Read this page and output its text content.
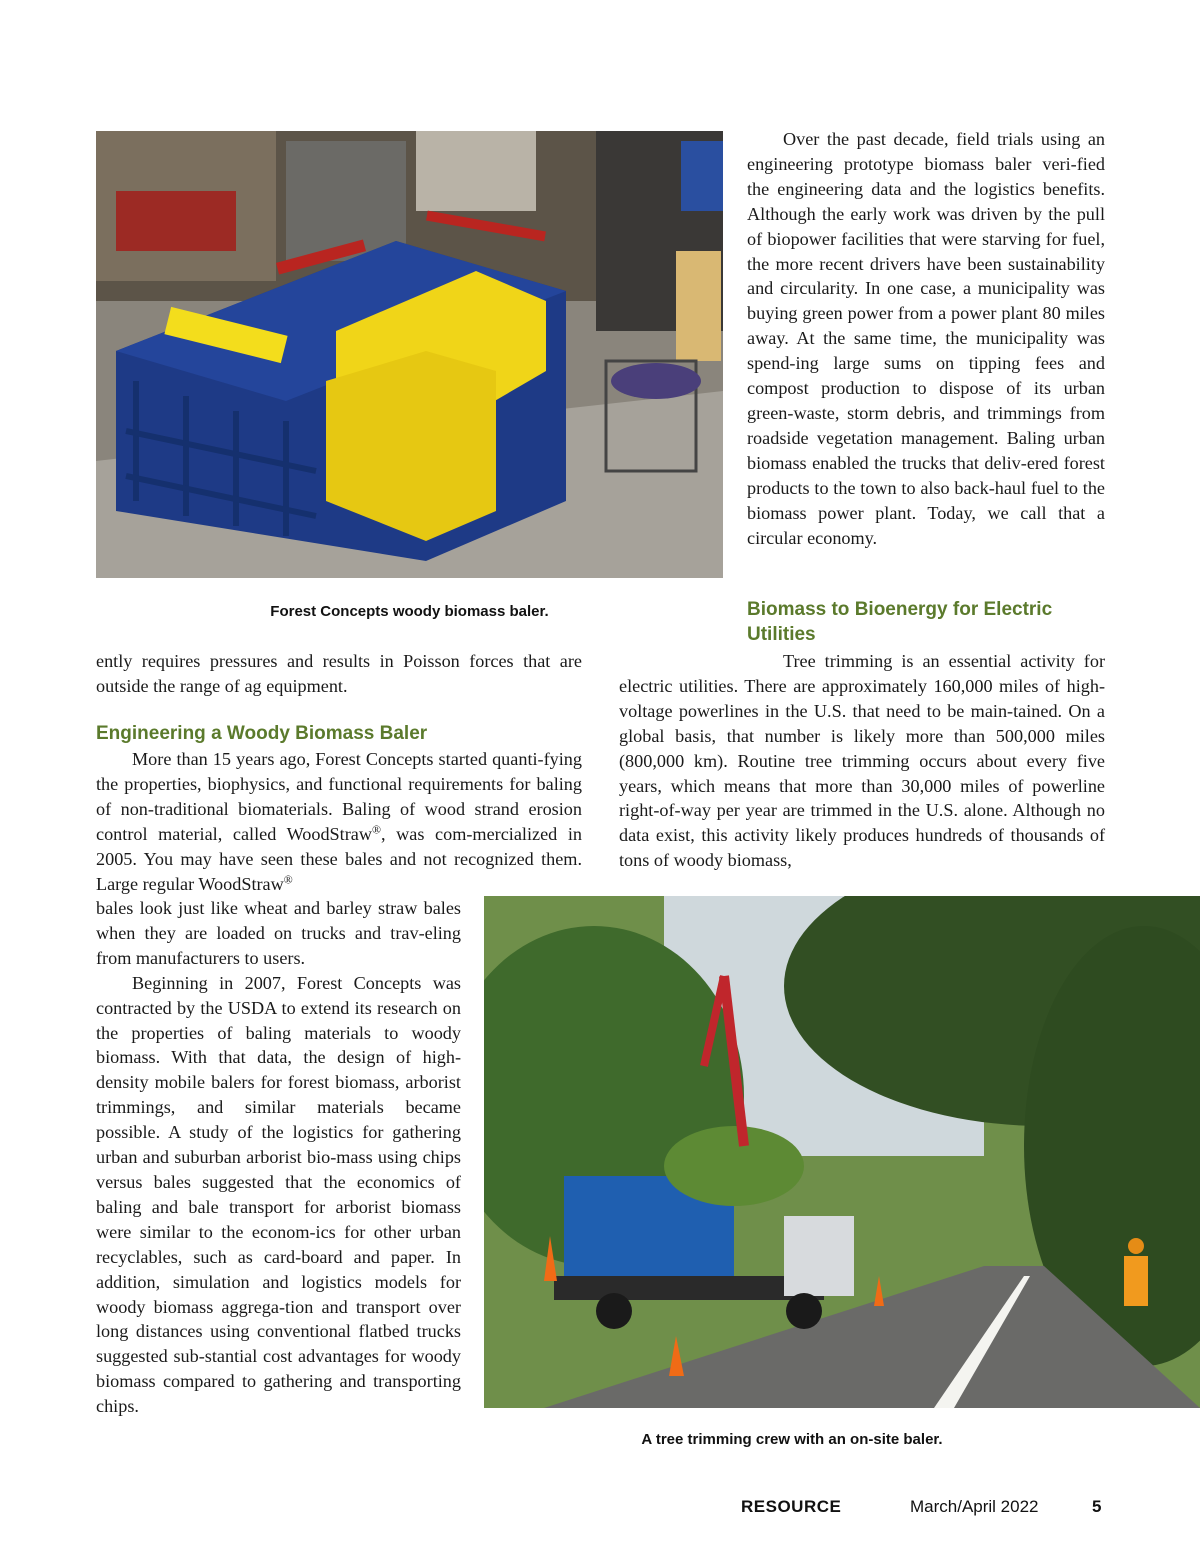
Forest Concepts woody biomass baler.

Over the past decade, field trials using an engineering prototype biomass baler veri-fied the engineering data and the logistics benefits. Although the early work was driven by the pull of biopower facilities that were starving for fuel, the more recent drivers have been sustainability and circularity. In one case, a municipality was buying green power from a power plant 80 miles away. At the same time, the municipality was spend-ing large sums on tipping fees and compost production to dispose of its urban green-waste, storm debris, and trimmings from roadside vegetation management. Baling urban biomass enabled the trucks that deliv-ered forest products to the town to also back-haul fuel to the biomass power plant. Today, we call that a circular economy.

Biomass to Bioenergy for Electric Utilities

Tree trimming is an essential activity for electric utilities. There are approximately 160,000 miles of high-voltage powerlines in the U.S. that need to be main-tained. On a global basis, that number is likely more than 500,000 miles (800,000 km). Routine tree trimming occurs about every five years, which means that more than 30,000 miles of powerline right-of-way per year are trimmed in the U.S. alone. Although no data exist, this activity likely produces hundreds of thousands of tons of woody biomass,

ently requires pressures and results in Poisson forces that are outside the range of ag equipment.

Engineering a Woody Biomass Baler

More than 15 years ago, Forest Concepts started quanti-fying the properties, biophysics, and functional requirements for baling of non-traditional biomaterials. Baling of wood strand erosion control material, called WoodStraw®, was com-mercialized in 2005. You may have seen these bales and not recognized them. Large regular WoodStraw®

bales look just like wheat and barley straw bales when they are loaded on trucks and trav-eling from manufacturers to users.

Beginning in 2007, Forest Concepts was contracted by the USDA to extend its research on the properties of baling materials to woody biomass. With that data, the design of high-density mobile balers for forest biomass, arborist trimmings, and similar materials became possible. A study of the logistics for gathering urban and suburban arborist bio-mass using chips versus bales suggested that the economics of baling and bale transport for arborist biomass were similar to the econom-ics for other urban recyclables, such as card-board and paper. In addition, simulation and logistics models for woody biomass aggrega-tion and transport over long distances using conventional flatbed trucks suggested sub-stantial cost advantages for woody biomass compared to gathering and transporting chips.

A tree trimming crew with an on-site baler.
RESOURCE	March/April 2022	5
